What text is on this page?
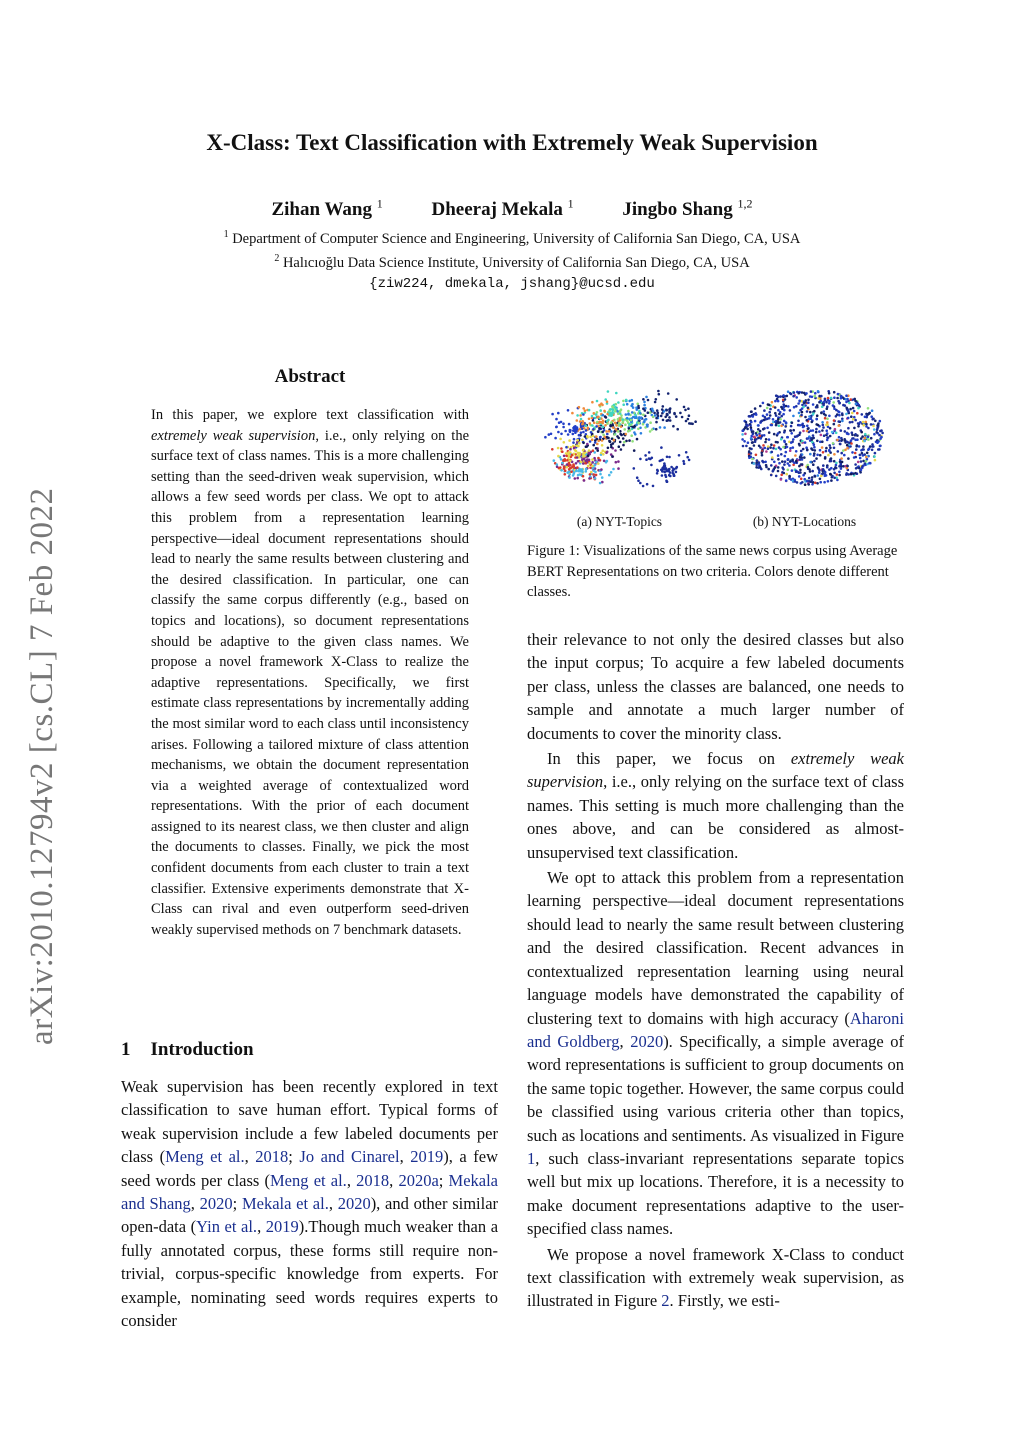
arXiv:2010.12794v2 [cs.CL] 7 Feb 2022
X-Class: Text Classification with Extremely Weak Supervision
Zihan Wang $^1$	Dheeraj Mekala $^1$	Jingbo Shang $^{1,2}$
$^1$ Department of Computer Science and Engineering, University of California San Diego, CA, USA
$^2$ Halıcıoğlu Data Science Institute, University of California San Diego, CA, USA
{ziw224, dmekala, jshang}@ucsd.edu
Abstract

In this paper, we explore text classification with extremely weak supervision, i.e., only relying on the surface text of class names. This is a more challenging setting than the seed-driven weak supervision, which allows a few seed words per class. We opt to attack this problem from a representation learning perspective—ideal document representations should lead to nearly the same results between clustering and the desired classification. In particular, one can classify the same corpus differently (e.g., based on topics and locations), so document representations should be adaptive to the given class names. We propose a novel framework X-Class to realize the adaptive representations. Specifically, we first estimate class representations by incrementally adding the most similar word to each class until inconsistency arises. Following a tailored mixture of class attention mechanisms, we obtain the document representation via a weighted average of contextualized word representations. With the prior of each document assigned to its nearest class, we then cluster and align the documents to classes. Finally, we pick the most confident documents from each cluster to train a text classifier. Extensive experiments demonstrate that X-Class can rival and even outperform seed-driven weakly supervised methods on 7 benchmark datasets.

1 Introduction

Weak supervision has been recently explored in text classification to save human effort. Typical forms of weak supervision include a few labeled documents per class (Meng et al., 2018; Jo and Cinarel, 2019), a few seed words per class (Meng et al., 2018, 2020a; Mekala and Shang, 2020; Mekala et al., 2020), and other similar open-data (Yin et al., 2019).Though much weaker than a fully annotated corpus, these forms still require non-trivial, corpus-specific knowledge from experts. For example, nominating seed words requires experts to consider

(a) NYT-Topics	(b) NYT-Locations
Figure 1: Visualizations of the same news corpus using Average BERT Representations on two criteria. Colors denote different classes.

their relevance to not only the desired classes but also the input corpus; To acquire a few labeled documents per class, unless the classes are balanced, one needs to sample and annotate a much larger number of documents to cover the minority class.

In this paper, we focus on extremely weak supervision, i.e., only relying on the surface text of class names. This setting is much more challenging than the ones above, and can be considered as almost-unsupervised text classification.

We opt to attack this problem from a representation learning perspective—ideal document representations should lead to nearly the same result between clustering and the desired classification. Recent advances in contextualized representation learning using neural language models have demonstrated the capability of clustering text to domains with high accuracy (Aharoni and Goldberg, 2020). Specifically, a simple average of word representations is sufficient to group documents on the same topic together. However, the same corpus could be classified using various criteria other than topics, such as locations and sentiments. As visualized in Figure 1, such class-invariant representations separate topics well but mix up locations. Therefore, it is a necessity to make document representations adaptive to the user-specified class names.

We propose a novel framework X-Class to conduct text classification with extremely weak supervision, as illustrated in Figure 2. Firstly, we esti-
